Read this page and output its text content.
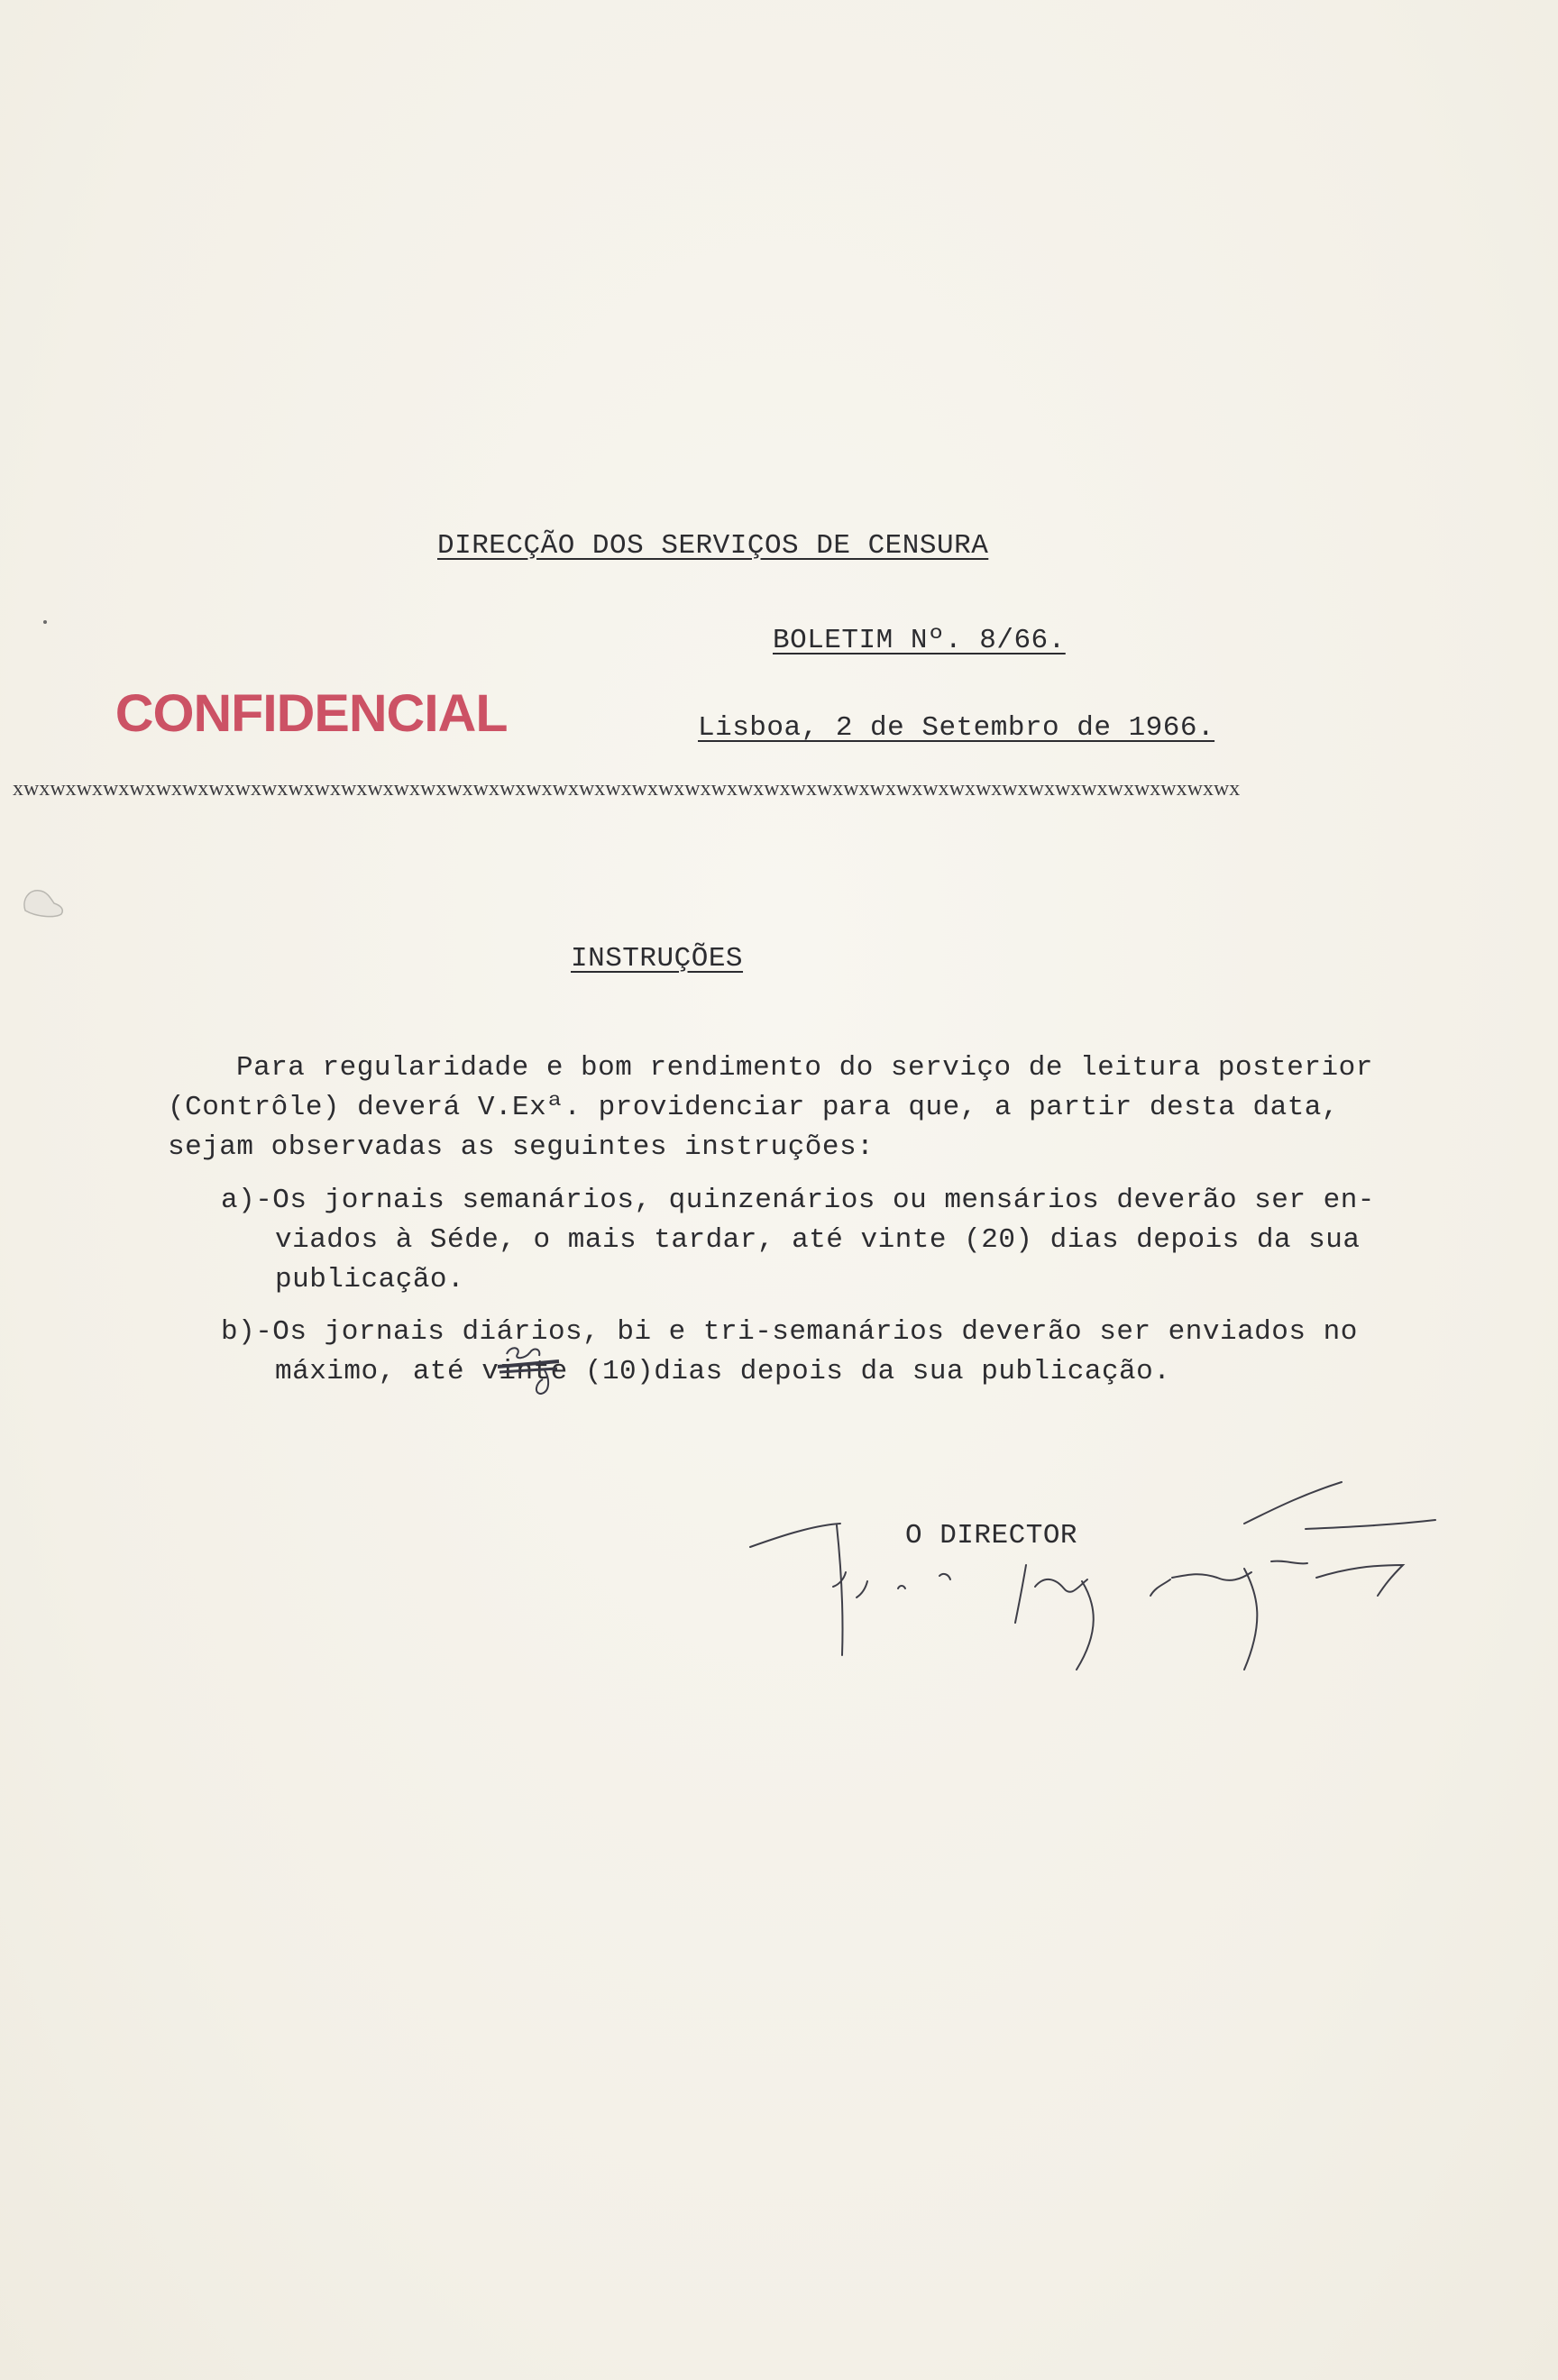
DIRECÇÃO DOS SERVIÇOS DE CENSURA
BOLETIM Nº. 8/66.
CONFIDENCIAL	Lisboa, 2 de Setembro de 1966.
xwxwxwxwxwxwxwxwxwxwxwxwxwxwxwxwxwxwxwxwxwxwxwxwxwxwxwxwxwxwxwxwxwxwxwxwxwxwxwxwxwxwxwxwxwxwx
INSTRUÇÕES
Para regularidade e bom rendimento do serviço de leitura posterior
(Contrôle) deverá V.Exª. providenciar para que, a partir desta data,
sejam observadas as seguintes instruções:
a)-Os jornais semanários, quinzenários ou mensários deverão ser en-
viados à Séde, o mais tardar, até vinte (20) dias depois da sua
publicação.
b)-Os jornais diários, bi e tri-semanários deverão ser enviados no
máximo, até vinte (10)dias depois da sua publicação.
O DIRECTOR
